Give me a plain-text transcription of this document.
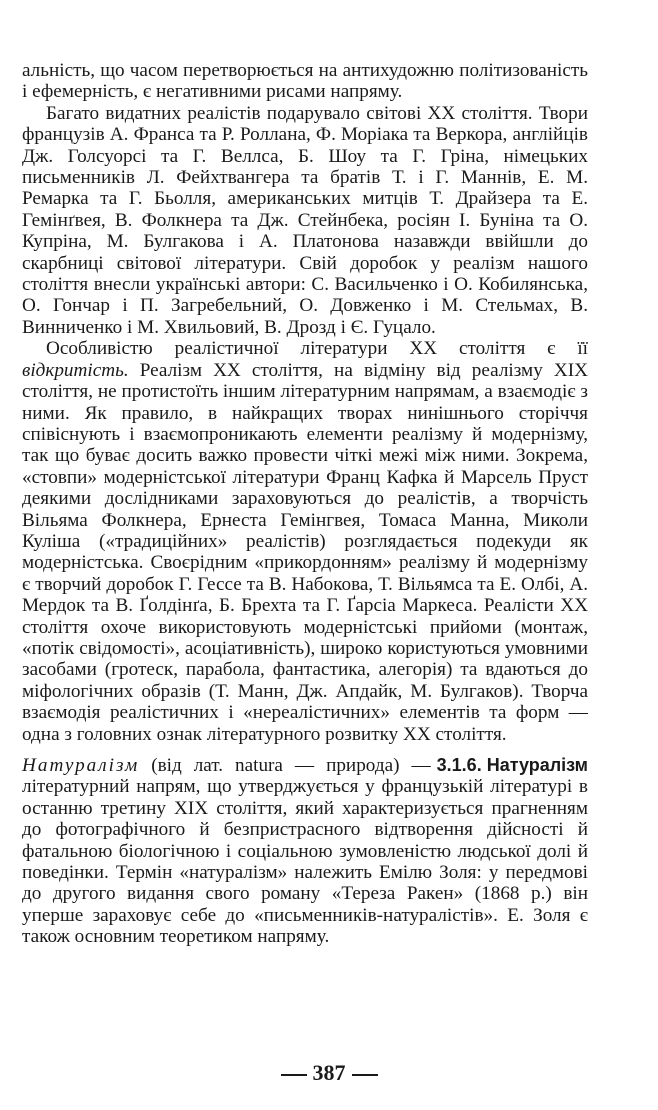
альність, що часом перетворюється на антихудожню політизованість і ефемерність, є негативними рисами напряму.

Багато видатних реалістів подарувало світові XX століття. Твори французів А. Франса та Р. Роллана, Ф. Моріака та Веркора, англійців Дж. Голсуорсі та Г. Веллса, Б. Шоу та Г. Гріна, німецьких письменників Л. Фейхтвангера та братів Т. і Г. Маннів, Е. М. Ремарка та Г. Бьолля, американських митців Т. Драйзера та Е. Гемінґвея, В. Фолкнера та Дж. Стейнбека, росіян І. Буніна та О. Купріна, М. Булгакова і А. Платонова назавжди ввійшли до скарбниці світової літератури. Свій доробок у реалізм нашого століття внесли українські автори: С. Васильченко і О. Кобилянська, О. Гончар і П. Загребельний, О. Довженко і М. Стельмах, В. Винниченко і М. Хвильовий, В. Дрозд і Є. Гуцало.

Особливістю реалістичної літератури XX століття є її відкритість. Реалізм XX століття, на відміну від реалізму XIX століття, не протистоїть іншим літературним напрямам, а взаємодіє з ними. Як правило, в найкращих творах нинішнього сторіччя співіснують і взаємопроникають елементи реалізму й модернізму, так що буває досить важко провести чіткі межі між ними. Зокрема, «стовпи» модерністської літератури Франц Кафка й Марсель Пруст деякими дослідниками зараховуються до реалістів, а творчість Вільяма Фолкнера, Ернеста Гемінгвея, Томаса Манна, Миколи Куліша («традиційних» реалістів) розглядається подекуди як модерністська. Своєрідним «прикордонням» реалізму й модернізму є творчий доробок Г. Гессе та В. Набокова, Т. Вільямса та Е. Олбі, А. Мердок та В. Ґолдінґа, Б. Брехта та Г. Ґарсіа Маркеса. Реалісти XX століття охоче використовують модерністські прийоми (монтаж, «потік свідомості», асоціативність), широко користуються умовними засобами (гротеск, парабола, фантастика, алегорія) та вдаються до міфологічних образів (Т. Манн, Дж. Апдайк, М. Булгаков). Творча взаємодія реалістичних і «нереалістичних» елементів та форм — одна з головних ознак літературного розвитку XX століття.

3.1.6. Натуралізм

Натуралізм (від лат. natura — природа) — літературний напрям, що утверджується у французькій літературі в останню третину XIX століття, який характеризується прагненням до фотографічного й безпристрасного відтворення дійсності й фатальною біологічною і соціальною зумовленістю людської долі й поведінки. Термін «натуралізм» належить Емілю Золя: у передмові до другого видання свого роману «Тереза Ракен» (1868 р.) він уперше зараховує себе до «письменників-натуралістів». Е. Золя є також основним теоретиком напряму.

387
